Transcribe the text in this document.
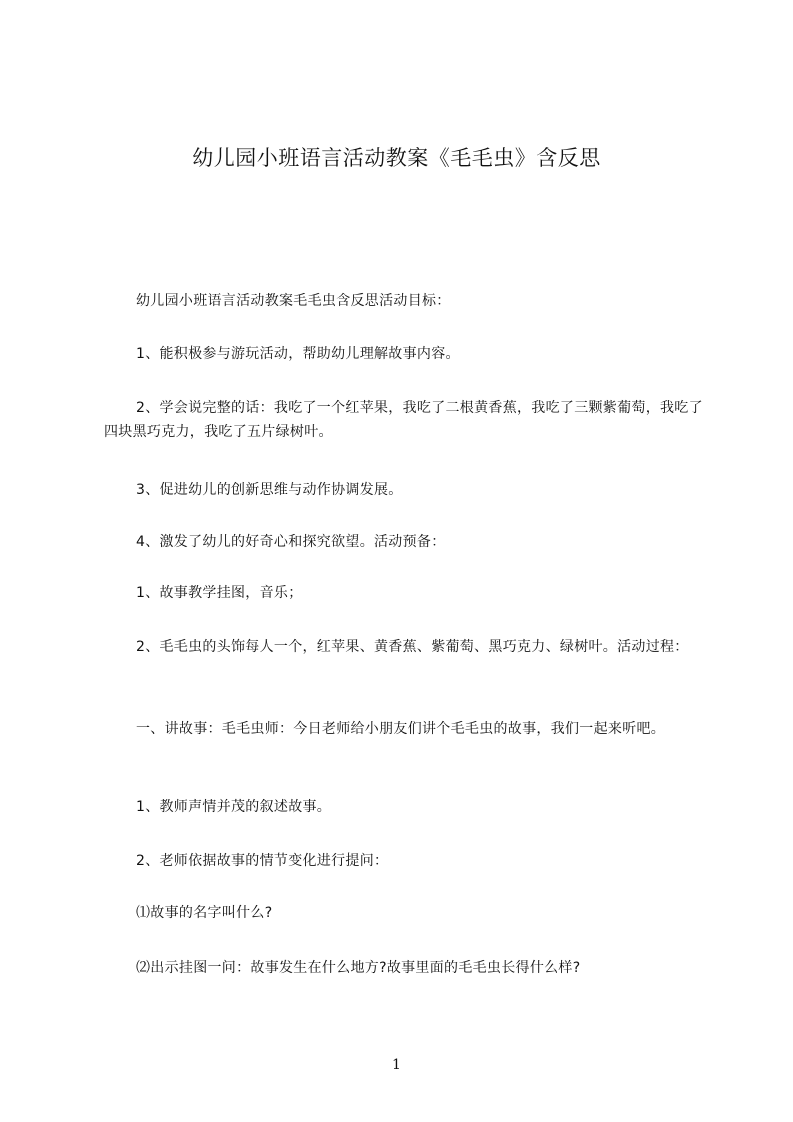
幼儿园小班语言活动教案《毛毛虫》含反思
幼儿园小班语言活动教案毛毛虫含反思活动目标：
1、能积极参与游玩活动，帮助幼儿理解故事内容。
2、学会说完整的话：我吃了一个红苹果，我吃了二根黄香蕉，我吃了三颗紫葡萄，我吃了四块黑巧克力，我吃了五片绿树叶。
3、促进幼儿的创新思维与动作协调发展。
4、激发了幼儿的好奇心和探究欲望。活动预备：
1、故事教学挂图，音乐；
2、毛毛虫的头饰每人一个，红苹果、黄香蕉、紫葡萄、黑巧克力、绿树叶。活动过程：
一、讲故事：毛毛虫师：今日老师给小朋友们讲个毛毛虫的故事，我们一起来听吧。
1、教师声情并茂的叙述故事。
2、老师依据故事的情节变化进行提问：
⑴故事的名字叫什么?
⑵出示挂图一问：故事发生在什么地方?故事里面的毛毛虫长得什么样?
1
